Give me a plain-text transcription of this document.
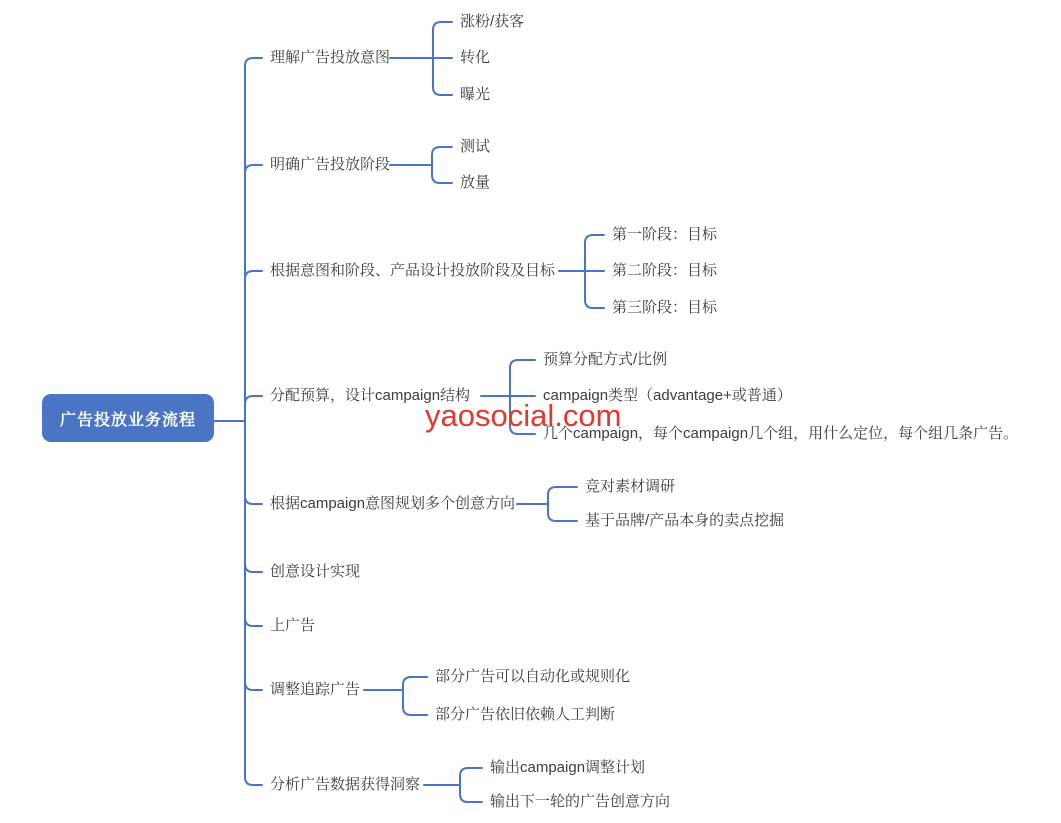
广告投放业务流程
理解广告投放意图
明确广告投放阶段
根据意图和阶段、产品设计投放阶段及目标
分配预算，设计campaign结构
根据campaign意图规划多个创意方向
创意设计实现
上广告
调整追踪广告
分析广告数据获得洞察
涨粉/获客
转化
曝光
测试
放量
第一阶段：目标
第二阶段：目标
第三阶段：目标
预算分配方式/比例
campaign类型（advantage+或普通）
几个campaign，每个campaign几个组，用什么定位，每个组几条广告。
竞对素材调研
基于品牌/产品本身的卖点挖掘
部分广告可以自动化或规则化
部分广告依旧依赖人工判断
输出campaign调整计划
输出下一轮的广告创意方向
yaosocial.com
